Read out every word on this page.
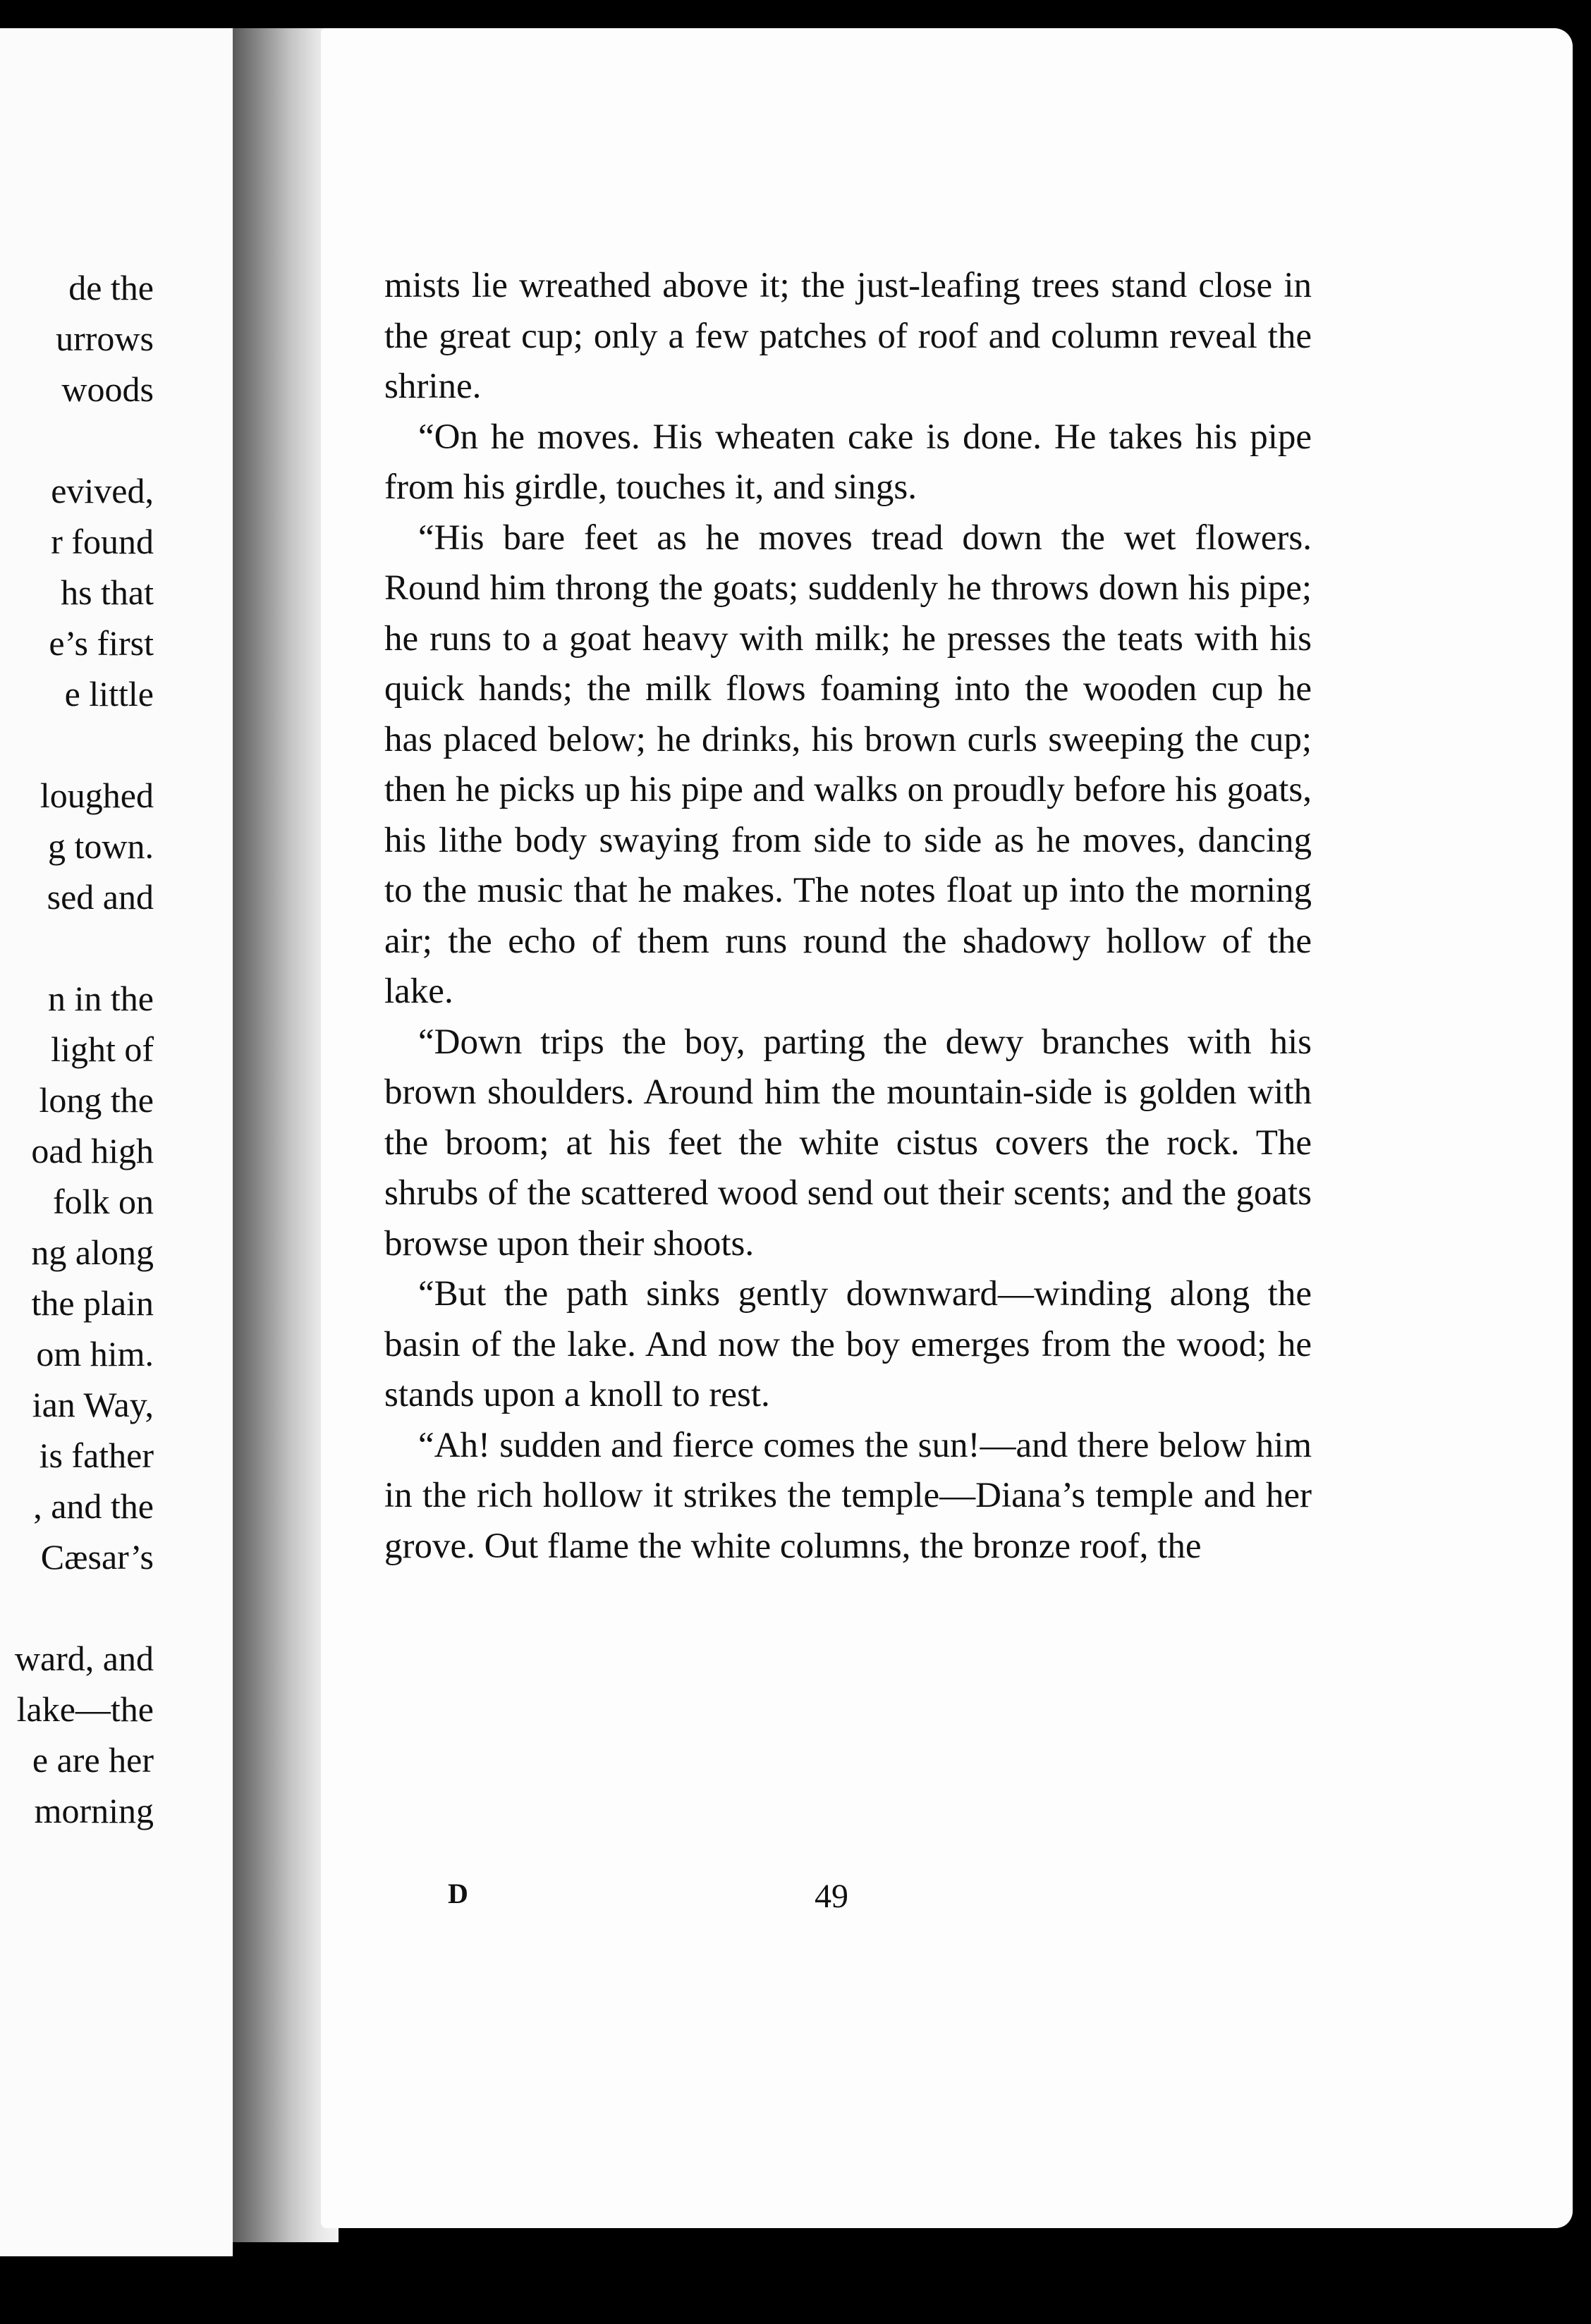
de the
urrows
woods
evived,
r found
hs that
e’s first
e little
loughed
g town.
sed and
n in the
light of
long the
oad high
folk on
ng along
the plain
om him.
ian Way,
is father
, and the
Cæsar’s
ward, and
lake—the
e are her
morning

mists lie wreathed above it; the just-leafing trees stand close in the great cup; only a few patches of roof and column reveal the shrine.

“On he moves. His wheaten cake is done. He takes his pipe from his girdle, touches it, and sings.

“His bare feet as he moves tread down the wet flowers. Round him throng the goats; suddenly he throws down his pipe; he runs to a goat heavy with milk; he presses the teats with his quick hands; the milk flows foaming into the wooden cup he has placed below; he drinks, his brown curls sweeping the cup; then he picks up his pipe and walks on proudly before his goats, his lithe body swaying from side to side as he moves, dancing to the music that he makes. The notes float up into the morning air; the echo of them runs round the shadowy hollow of the lake.

“Down trips the boy, parting the dewy branches with his brown shoulders. Around him the mountain-side is golden with the broom; at his feet the white cistus covers the rock. The shrubs of the scattered wood send out their scents; and the goats browse upon their shoots.

“But the path sinks gently downward—winding along the basin of the lake. And now the boy emerges from the wood; he stands upon a knoll to rest.

“Ah! sudden and fierce comes the sun!—and there below him in the rich hollow it strikes the temple—Diana’s temple and her grove. Out flame the white columns, the bronze roof, the

D	49
